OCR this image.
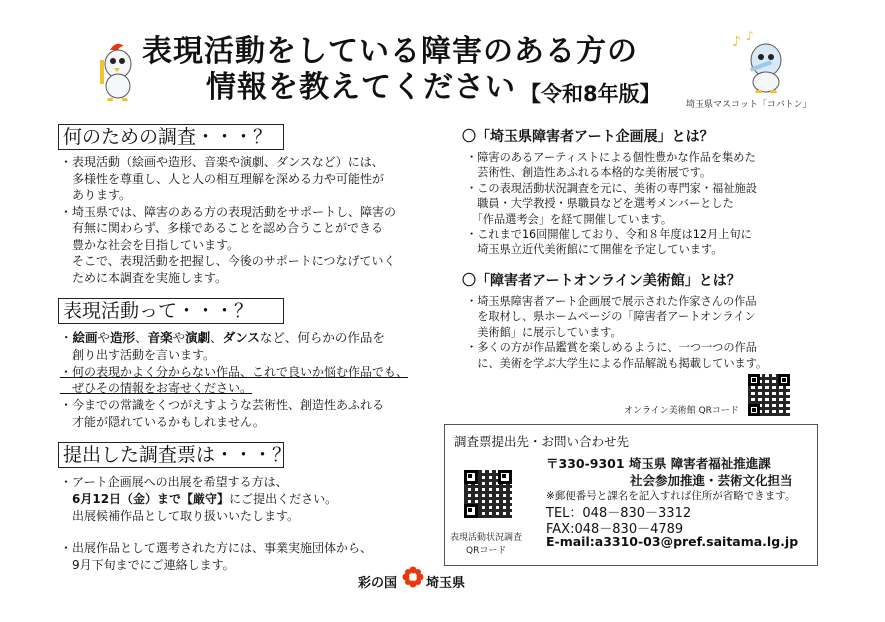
表現活動をしている障害のある方の
情報を教えてください 【令和8年版】
♪ ♪
埼玉県マスコット「コバトン」
何のための調査・・・？
・表現活動（絵画や造形、音楽や演劇、ダンスなど）には、
　多様性を尊重し、人と人の相互理解を深める力や可能性が
　あります。
・埼玉県では、障害のある方の表現活動をサポートし、障害の
　有無に関わらず、多様であることを認め合うことができる
　豊かな社会を目指しています。
　そこで、表現活動を把握し、今後のサポートにつなげていく
　ために本調査を実施します。
表現活動って・・・？
・絵画や造形、音楽や演劇、ダンスなど、何らかの作品を
　創り出す活動を言います。
・何の表現かよく分からない作品、これで良いか悩む作品でも、
　ぜひその情報をお寄せください。
・今までの常識をくつがえすような芸術性、創造性あふれる
　才能が隠れているかもしれません。
提出した調査票は・・・？
・アート企画展への出展を希望する方は、
　6月12日（金）まで【厳守】にご提出ください。
　出展候補作品として取り扱いいたします。
・出展作品として選考された方には、事業実施団体から、
　9月下旬までにご連絡します。
〇「埼玉県障害者アート企画展」とは？
・障害のあるアーティストによる個性豊かな作品を集めた
　芸術性、創造性あふれる本格的な美術展です。
・この表現活動状況調査を元に、美術の専門家・福祉施設
　職員・大学教授・県職員などを選考メンバーとした
　「作品選考会」を経て開催しています。
・これまで16回開催しており、令和８年度は12月上旬に
　埼玉県立近代美術館にて開催を予定しています。
〇「障害者アートオンライン美術館」とは？
・埼玉県障害者アート企画展で展示された作家さんの作品
　を取材し、県ホームページの「障害者アートオンライン
　美術館」に展示しています。
・多くの方が作品鑑賞を楽しめるように、一つ一つの作品
　に、美術を学ぶ大学生による作品解説も掲載しています。
オンライン美術館 QRコード
調査票提出先・お問い合わせ先
表現活動状況調査
QRコード
〒330-9301 埼玉県 障害者福祉推進課
社会参加推進・芸術文化担当
※郵便番号と課名を記入すれば住所が省略できます。
TEL：048－830－3312
FAX:048－830－4789
E-mail:a3310-03@pref.saitama.lg.jp
彩の国 埼玉県
